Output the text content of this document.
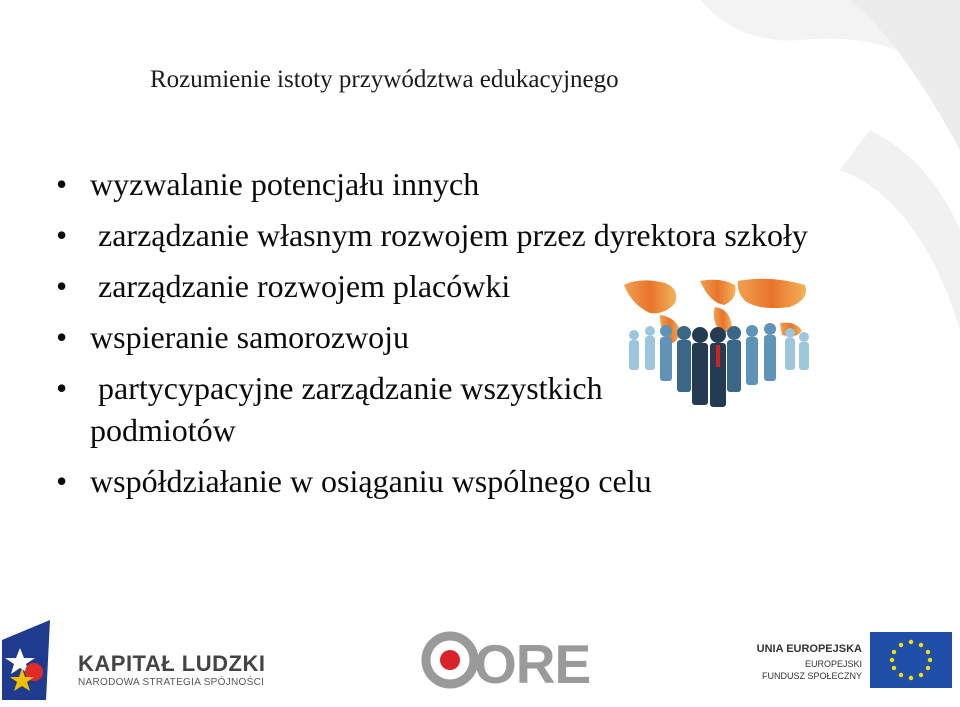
Rozumienie istoty przywództwa edukacyjnego
• wyzwalanie potencjału innych
• zarządzanie własnym rozwojem przez dyrektora szkoły
• zarządzanie rozwojem placówki
• wspieranie samorozwoju
• partycypacyjne zarządzanie wszystkich podmiotów
• współdziałanie w osiąganiu wspólnego celu
KAPITAŁ LUDZKI
NARODOWA STRATEGIA SPÓJNOŚCI	ORE	UNIA EUROPEJSKA
EUROPEJSKI
FUNDUSZ SPOŁECZNY
